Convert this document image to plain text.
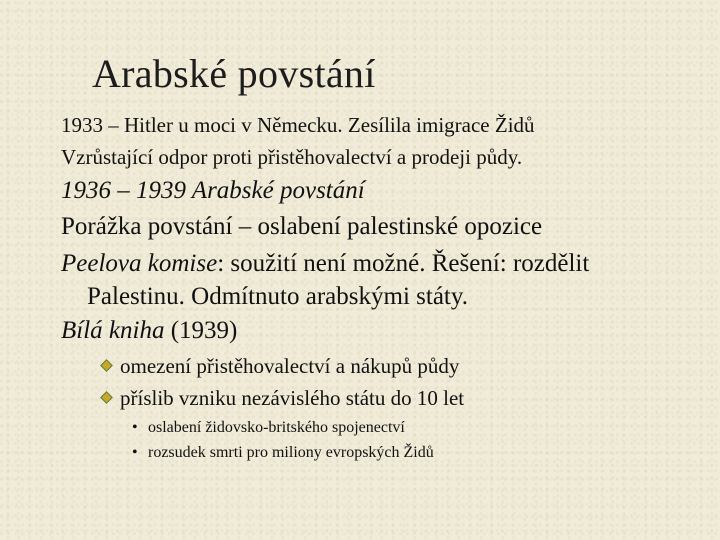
Arabské povstání
1933 – Hitler u moci v Německu. Zesílila imigrace Židů
Vzrůstající odpor proti přistěhovalectví a prodeji půdy.
1936 – 1939 Arabské povstání
Porážka povstání – oslabení palestinské opozice
Peelova komise: soužití není možné. Řešení: rozdělit
Palestinu. Odmítnuto arabskými státy.
Bílá kniha (1939)
omezení přistěhovalectví a nákupů půdy
příslib vzniku nezávislého státu do 10 let
• oslabení židovsko-britského spojenectví
• rozsudek smrti pro miliony evropských Židů
